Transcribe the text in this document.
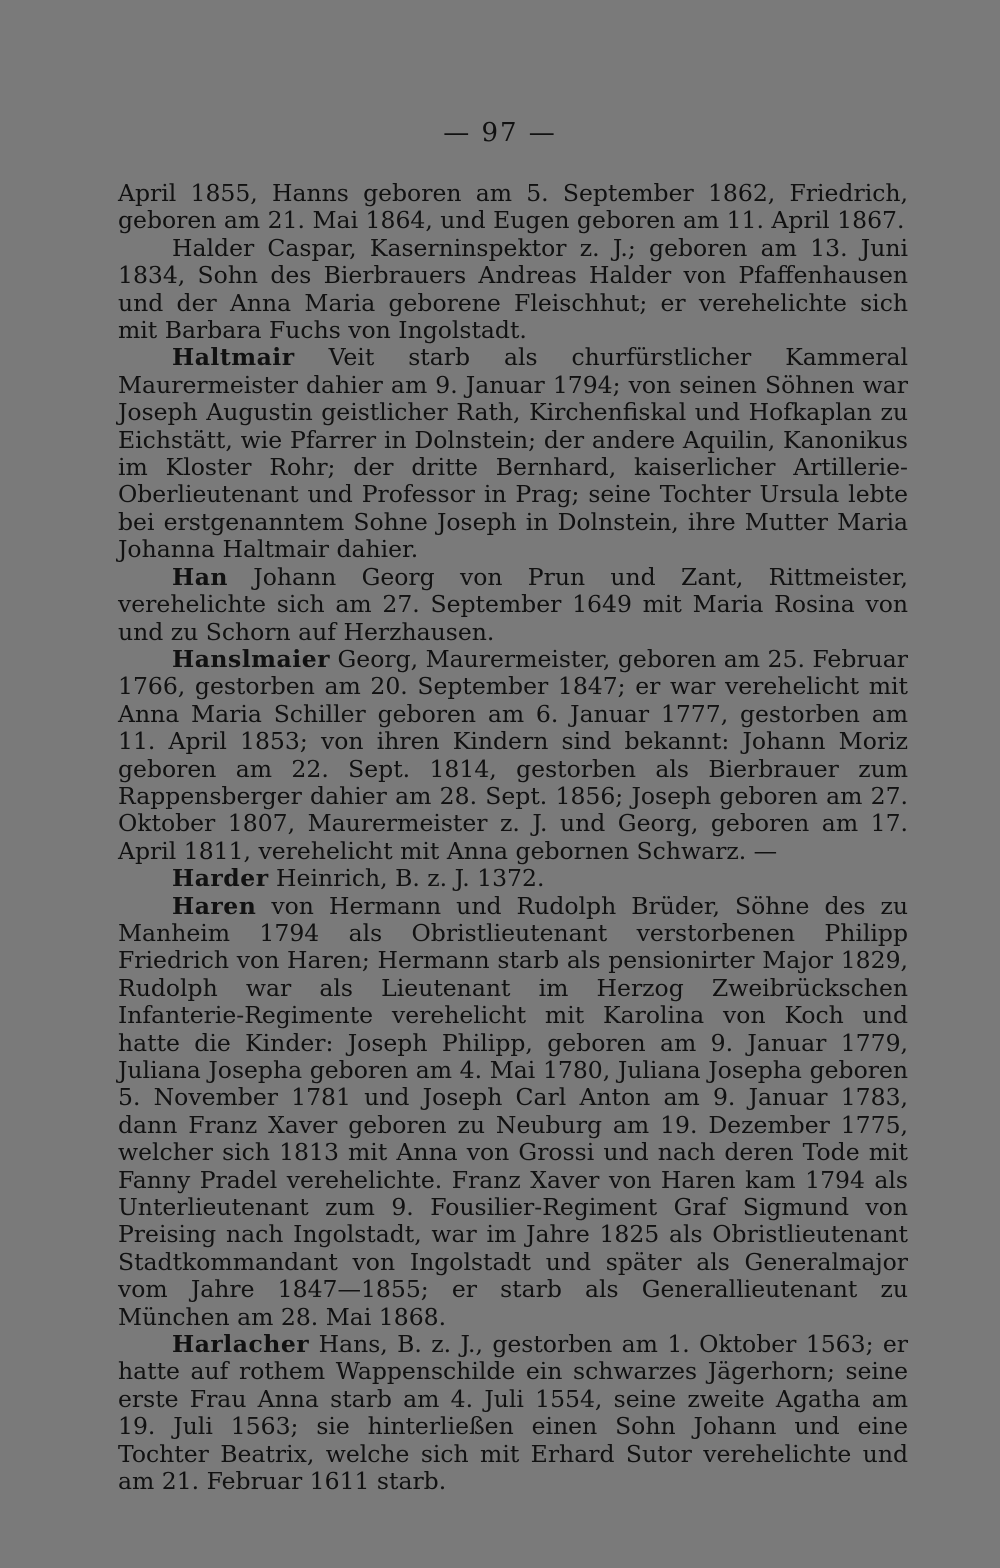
— 97 —

April 1855, Hanns geboren am 5. September 1862, Friedrich, geboren am 21. Mai 1864, und Eugen geboren am 11. April 1867.

Halder Caspar, Kaserninspektor z. J.; geboren am 13. Juni 1834, Sohn des Bierbrauers Andreas Halder von Pfaffenhausen und der Anna Maria geborene Fleischhut; er verehelichte sich mit Barbara Fuchs von Ingolstadt.

Haltmair Veit starb als churfürstlicher Kammeral Maurermeister dahier am 9. Januar 1794; von seinen Söhnen war Joseph Augustin geistlicher Rath, Kirchenfiskal und Hofkaplan zu Eichstätt, wie Pfarrer in Dolnstein; der andere Aquilin, Kanonikus im Kloster Rohr; der dritte Bernhard, kaiserlicher Artillerie-Oberlieutenant und Professor in Prag; seine Tochter Ursula lebte bei erstgenanntem Sohne Joseph in Dolnstein, ihre Mutter Maria Johanna Haltmair dahier.

Han Johann Georg von Prun und Zant, Rittmeister, verehelichte sich am 27. September 1649 mit Maria Rosina von und zu Schorn auf Herzhausen.

Hanslmaier Georg, Maurermeister, geboren am 25. Februar 1766, gestorben am 20. September 1847; er war verehelicht mit Anna Maria Schiller geboren am 6. Januar 1777, gestorben am 11. April 1853; von ihren Kindern sind bekannt: Johann Moriz geboren am 22. Sept. 1814, gestorben als Bierbrauer zum Rappensberger dahier am 28. Sept. 1856; Joseph geboren am 27. Oktober 1807, Maurermeister z. J. und Georg, geboren am 17. April 1811, verehelicht mit Anna gebornen Schwarz. —

Harder Heinrich, B. z. J. 1372.

Haren von Hermann und Rudolph Brüder, Söhne des zu Manheim 1794 als Obristlieutenant verstorbenen Philipp Friedrich von Haren; Hermann starb als pensionirter Major 1829, Rudolph war als Lieutenant im Herzog Zweibrückschen Infanterie-Regimente verehelicht mit Karolina von Koch und hatte die Kinder: Joseph Philipp, geboren am 9. Januar 1779, Juliana Josepha geboren am 4. Mai 1780, Juliana Josepha geboren 5. November 1781 und Joseph Carl Anton am 9. Januar 1783, dann Franz Xaver geboren zu Neuburg am 19. Dezember 1775, welcher sich 1813 mit Anna von Grossi und nach deren Tode mit Fanny Pradel verehelichte. Franz Xaver von Haren kam 1794 als Unterlieutenant zum 9. Fousilier-Regiment Graf Sigmund von Preising nach Ingolstadt, war im Jahre 1825 als Obristlieutenant Stadtkommandant von Ingolstadt und später als Generalmajor vom Jahre 1847—1855; er starb als Generallieutenant zu München am 28. Mai 1868.

Harlacher Hans, B. z. J., gestorben am 1. Oktober 1563; er hatte auf rothem Wappenschilde ein schwarzes Jägerhorn; seine erste Frau Anna starb am 4. Juli 1554, seine zweite Agatha am 19. Juli 1563; sie hinterließen einen Sohn Johann und eine Tochter Beatrix, welche sich mit Erhard Sutor verehelichte und am 21. Februar 1611 starb.
